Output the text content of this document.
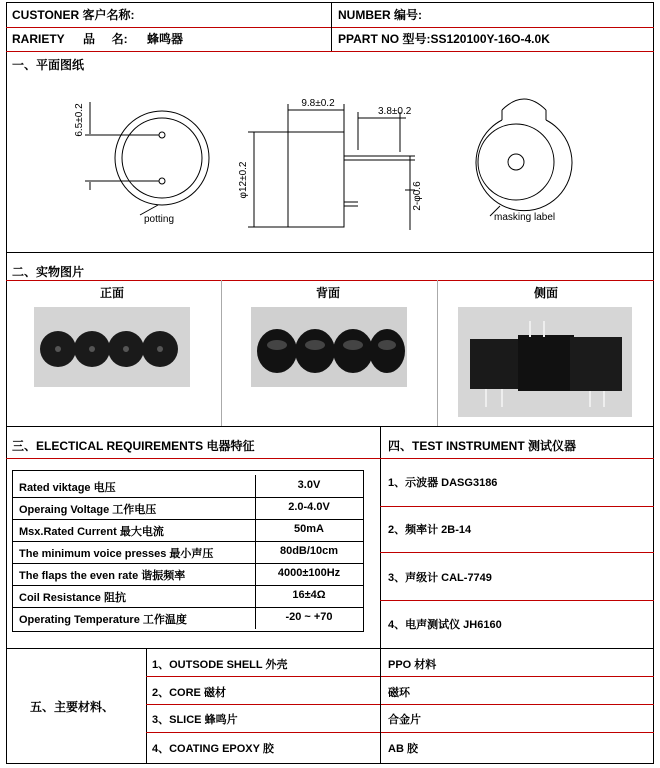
CUSTONER 客户名称:	NUMBER 编号:
RARIETY 品     名: 蜂鸣器	PPART NO 型号:SS120100Y-16O-4.0K
一、平面图纸
6.5±0.2
potting
9.8±0.2
3.8±0.2
φ12±0.2	2-φ0.6
masking label
二、实物图片
正面	背面	侧面
三、ELECTICAL REQUIREMENTS 电器特征	四、TEST INSTRUMENT 测试仪器
Rated viktage 电压	3.0V
Operaing Voltage 工作电压	2.0-4.0V
Msx.Rated Current 最大电流	50mA
The minimum voice presses 最小声压	80dB/10cm
The flaps the even rate 谐振频率	4000±100Hz
Coil Resistance 阻抗	16±4Ω
Operating Temperature 工作温度	-20 ~ +70
1、示波器 DASG3186
2、频率计 2B-14
3、声级计 CAL-7749
4、电声测试仪 JH6160
五、主要材料、
1、OUTSODE SHELL 外壳	PPO 材料
2、CORE 磁材	磁环
3、SLICE 蜂鸣片	合金片
4、COATING EPOXY 胶	AB 胶
